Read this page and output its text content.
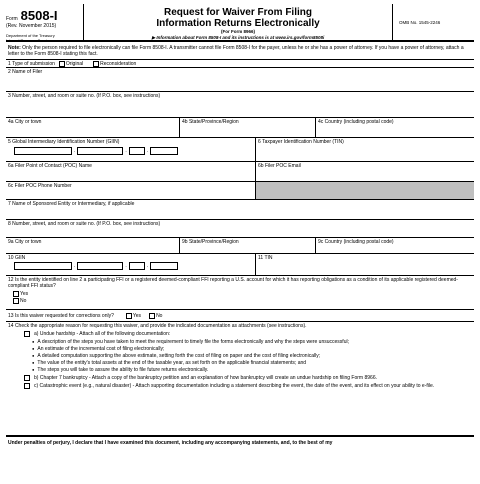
Form 8508-I
(Rev. November 2015)
Department of the Treasury
Internal Revenue Service
Request for Waiver From Filing
Information Returns Electronically
(For Form 8966)
▶ Information about Form 8508-I and its instructions is at www.irs.gov/form8508i
OMB No. 1545-2246
Note: Only the person required to file electronically can file Form 8508-I. A transmitter cannot file Form 8508-I for the payer, unless he or she has a power of attorney. If you have a power of attorney, attach a letter to the Form 8508-I stating this fact.
1 Type of submission Original	Reconsideration
2 Name of Filer
3 Number, street, and room or suite no. (If P.O. box, see instructions)
4a City or town	4b State/Province/Region	4c Country (including postal code)
5 Global Intermediary Identification Number (GIIN)
.	.	.
6 Taxpayer Identification Number (TIN)
6a Filer Point of Contact (POC) Name	6b Filer POC Email
6c Filer POC Phone Number
7 Name of Sponsored Entity or Intermediary, if applicable
8 Number, street, and room or suite no. (If P.O. box, see instructions)
9a City or town	9b State/Province/Region	9c Country (including postal code)
10 GIIN
.	.	.
11 TIN
12 Is the entity identified on line 2 a participating FFI or a registered deemed-compliant FFI reporting a U.S. account for which it has reporting obligations as a condition of its applicable registered deemed-compliant FFI status?
Yes
No
13 Is this waiver requested for corrections only?	Yes	No
14 Check the appropriate reason for requesting this waiver, and provide the indicated documentation as attachments (see instructions).
a) Undue hardship - Attach all of the following documentation:
● A description of the steps you have taken to meet the requirement to timely file the forms electronically and why the steps were unsuccessful;
● An estimate of the incremental cost of filing electronically;
● A detailed computation supporting the above estimate, setting forth the cost of filing on paper and the cost of filing electronically;
● The value of the entity's total assets at the end of the taxable year, as set forth on the applicable financial statements; and
● The steps you will take to assure the ability to file future returns electronically.
b) Chapter 7 bankruptcy - Attach a copy of the bankruptcy petition and an explanation of how bankruptcy will create an undue hardship on filing Form 8966.
c) Catastrophic event (e.g., natural disaster) - Attach supporting documentation including a statement describing the event, the date of the event, and its effect on your ability to e-file.
Under penalties of perjury, I declare that I have examined this document, including any accompanying statements, and, to the best of my
